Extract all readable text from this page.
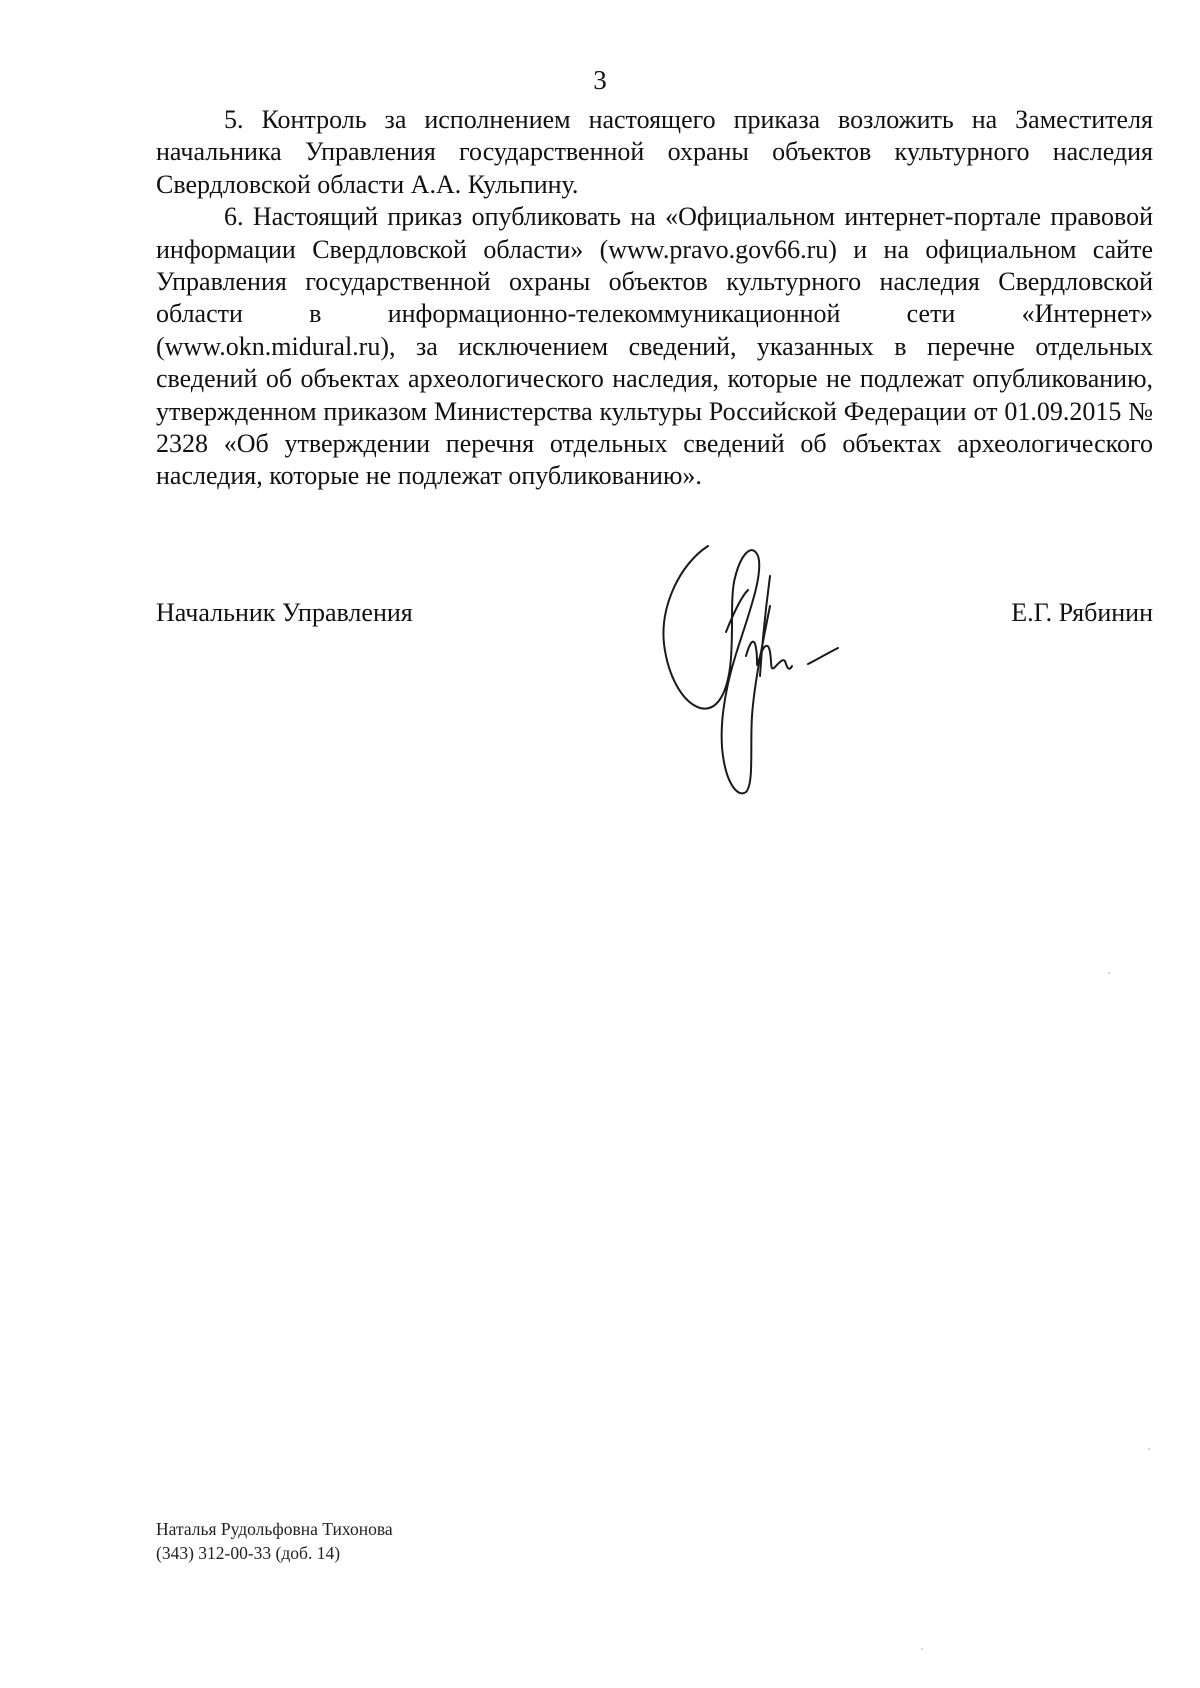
3

5. Контроль за исполнением настоящего приказа возложить на Заместителя начальника Управления государственной охраны объектов культурного наследия Свердловской области А.А. Кульпину.

6. Настоящий приказ опубликовать на «Официальном интернет-портале правовой информации Свердловской области» (www.pravo.gov66.ru) и на официальном сайте Управления государственной охраны объектов культурного наследия Свердловской области в информационно-телекоммуникационной сети «Интернет» (www.okn.midural.ru), за исключением сведений, указанных в перечне отдельных сведений об объектах археологического наследия, которые не подлежат опубликованию, утвержденном приказом Министерства культуры Российской Федерации от 01.09.2015 № 2328 «Об утверждении перечня отдельных сведений об объектах археологического наследия, которые не подлежат опубликованию».

Начальник Управления	Е.Г. Рябинин
Наталья Рудольфовна Тихонова
(343) 312-00-33 (доб. 14)
